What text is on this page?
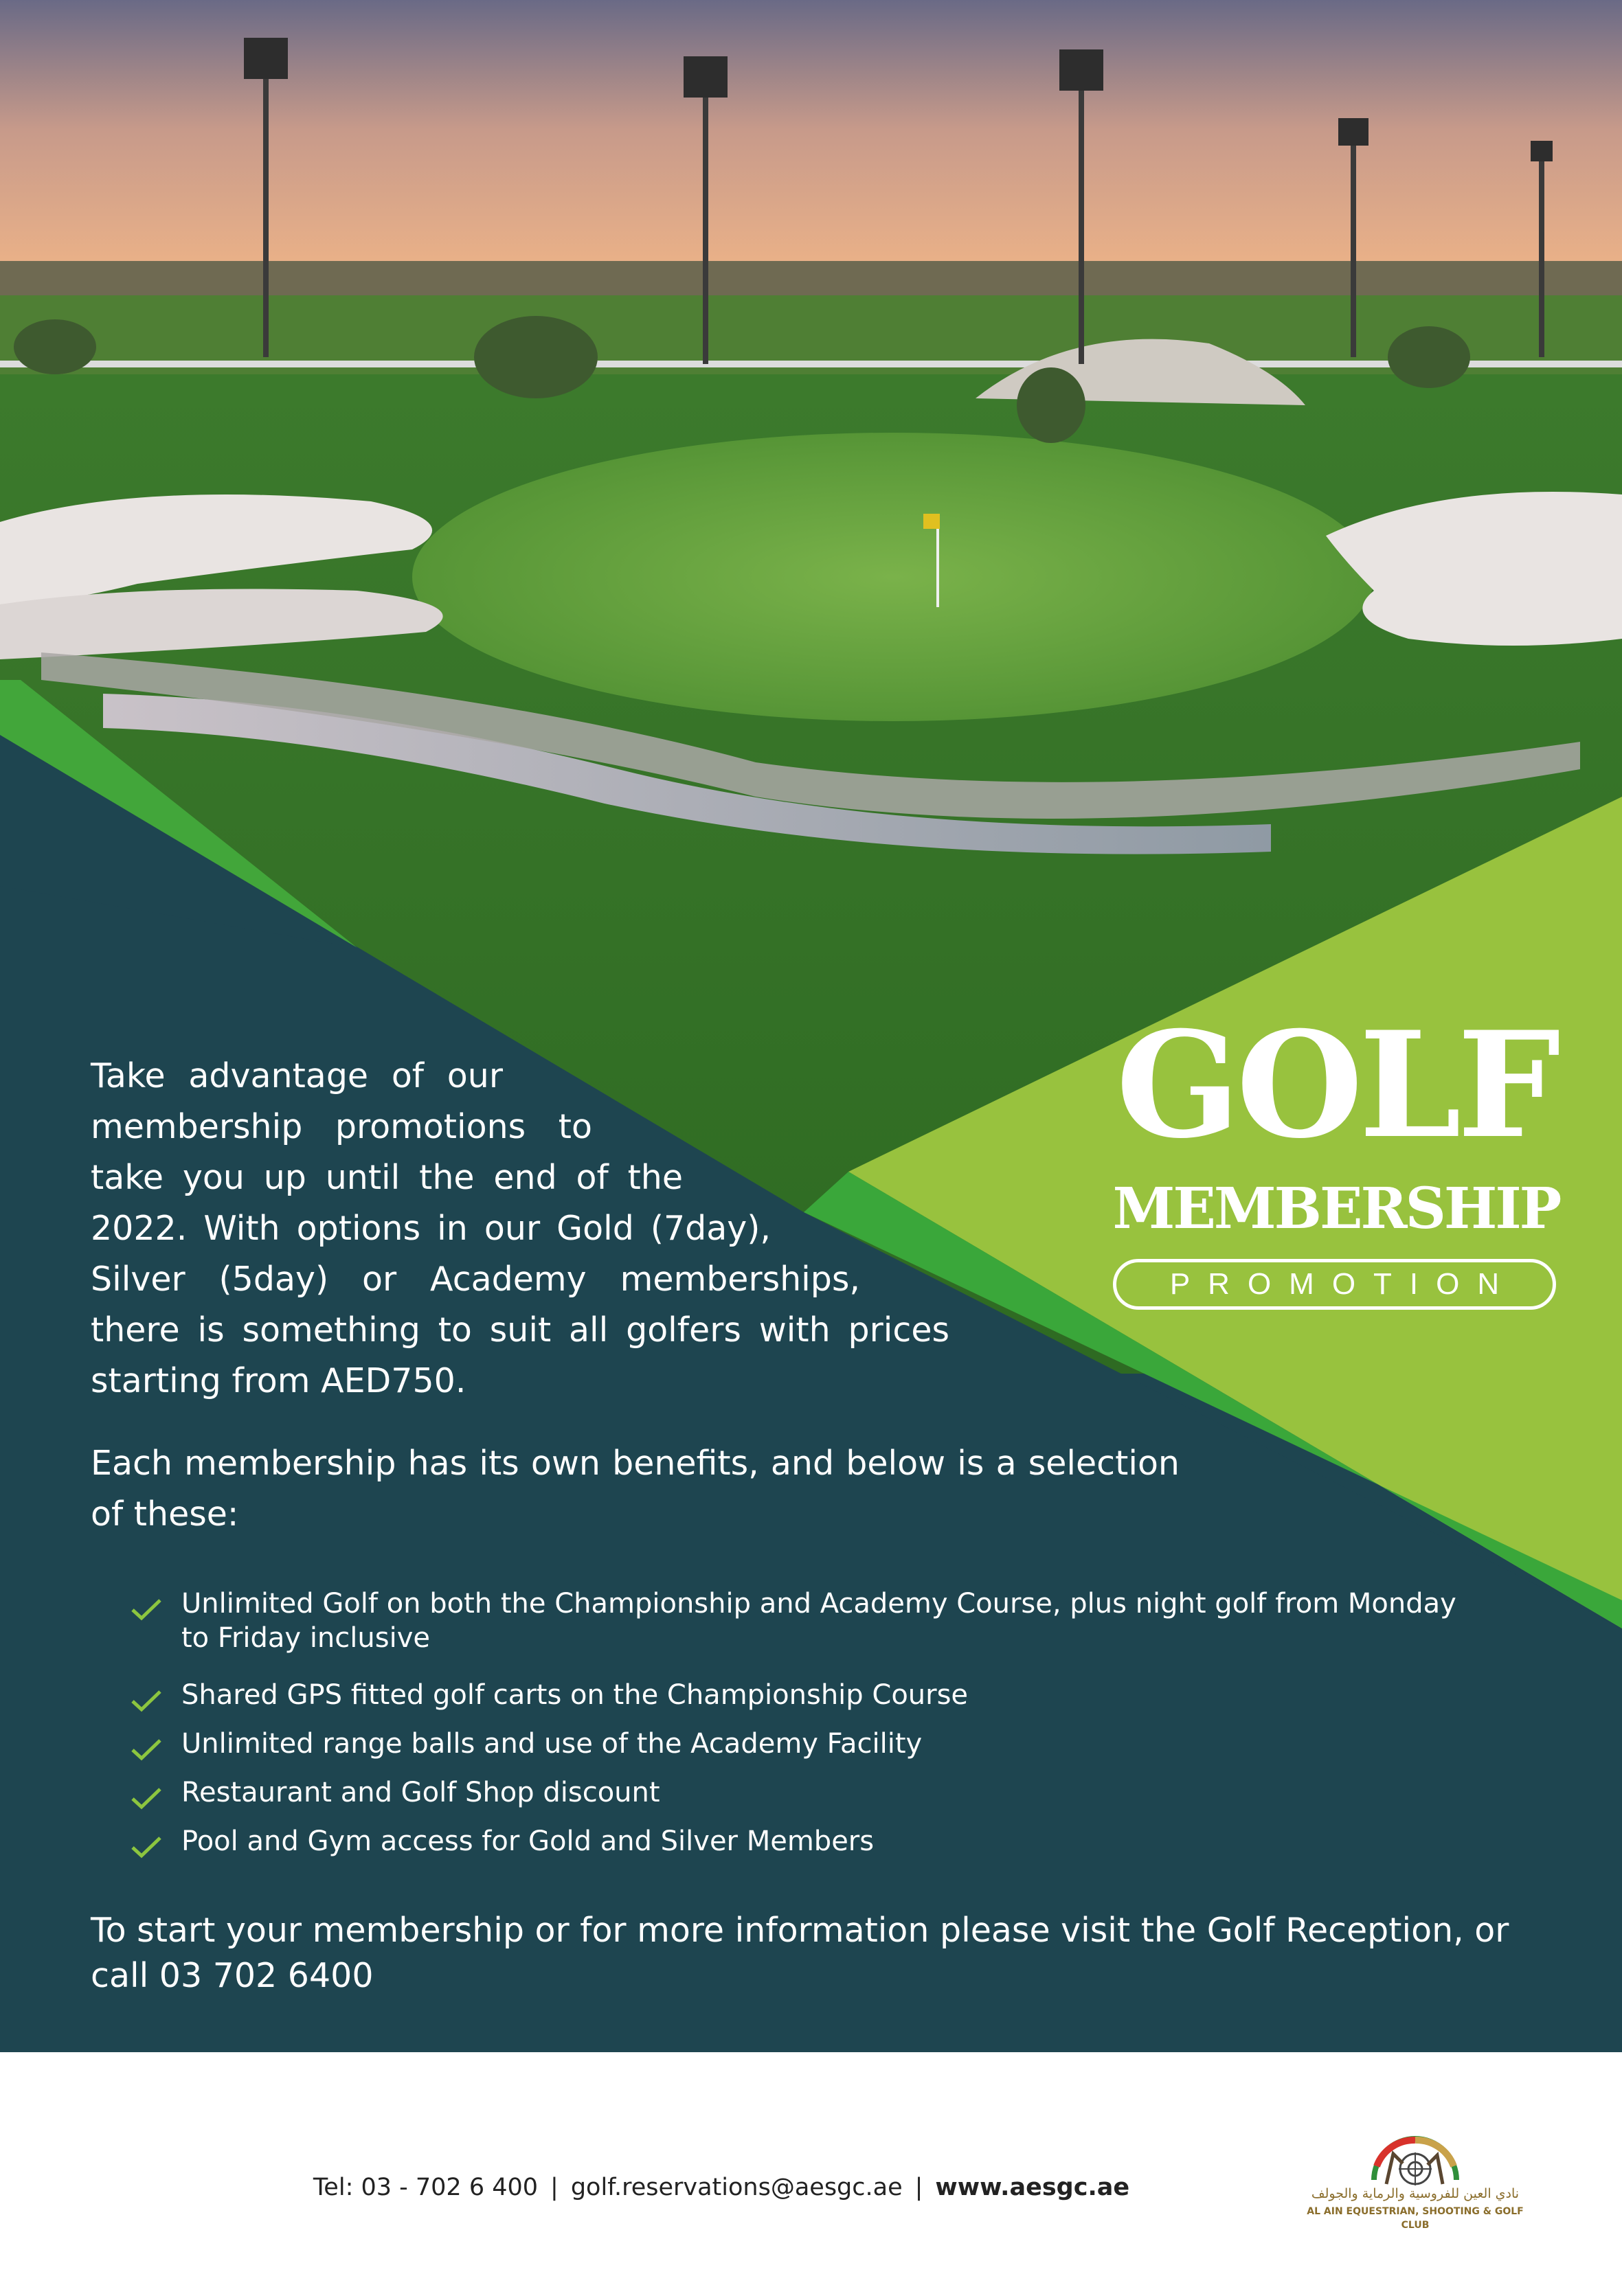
GOLF
MEMBERSHIP
PROMOTION

Take advantage of our
membership promotions to
take you up until the end of the
2022. With options in our Gold (7day),
Silver (5day) or Academy memberships,
there is something to suit all golfers with prices
starting from AED750.

Each membership has its own benefits, and below is a selection of these:

Unlimited Golf on both the Championship and Academy Course, plus night golf from Monday to Friday inclusive
Shared GPS fitted golf carts on the Championship Course
Unlimited range balls and use of the Academy Facility
Restaurant and Golf Shop discount
Pool and Gym access for Gold and Silver Members

To start your membership or for more information please visit the Golf Reception, or call 03 702 6400

Tel: 03 - 702 6 400 | golf.reservations@aesgc.ae | www.aesgc.ae	نادي العين للفروسية والرماية والجولف
AL AIN EQUESTRIAN, SHOOTING & GOLF CLUB
